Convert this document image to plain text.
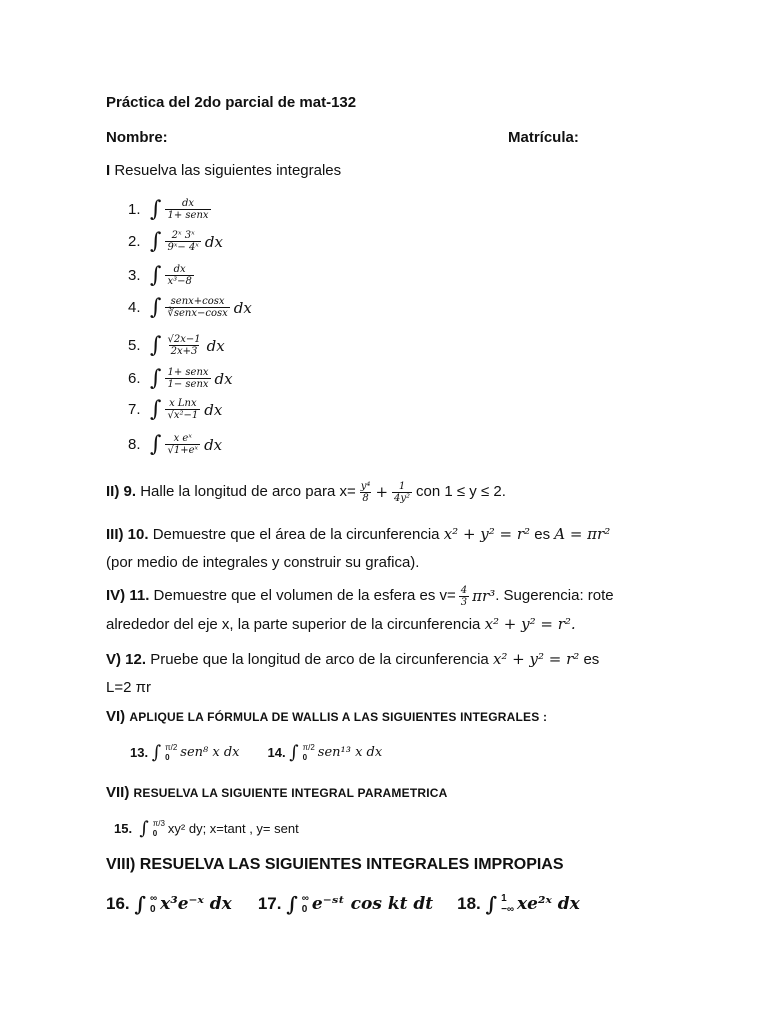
Práctica del 2do parcial de mat-132
Nombre:	Matrícula:
I Resuelva las siguientes integrales
1. ∫ $\frac{dx}{\text{1+ senx}}$
2. ∫ $\frac{\text{2ˣ 3ˣ}}{\text{9ˣ− 4ˣ}}$ dx
3. ∫ $\frac{dx}{\text{x³−8}}$
4. ∫ $\frac{\text{senx+cosx}}{\text{∛senx−cosx}}$ dx
5. ∫ $\frac{√2x-1}{2x+3}$ dx
6. ∫ $\frac{\text{1+ senx}}{\text{1− senx}}$ dx
7. ∫ $\frac{\text{x Lnx}}{\text{√x²−1}}$ dx
8. ∫ $\frac{\text{x eˣ}}{\text{√1+eˣ}}$ dx
II)
9.
Halle la longitud de arco para $x= \frac{\text{y⁴}}{8} + \frac{1}{\text{4y²}}$ con 1 ≤ y ≤ 2.
III) 10. Demuestre que el área de la circunferencia x² + y² = r² es A = πr²
(por medio de integrales y construir su grafica).
IV)
11.
Demuestre que el volumen de la esfera es $v= \frac{4}{3} \pi r^3$ . Sugerencia: rote
alrededor del eje x, la parte superior de la circunferencia x² + y² = r².
V) 12. Pruebe que la longitud de arco de la circunferencia x² + y² = r² es
L=2 πr
VI) APLIQUE LA FÓRMULA DE WALLIS A LAS SIGUIENTES INTEGRALES :
13.
∫ π/2
0 sen⁸ x dx 14.
∫ π/2
0 sen¹³ x dx
VII) RESUELVA LA SIGUIENTE INTEGRAL PARAMETRICA
15.
∫ π/3
0 xy² dy; x=tant , y= sent
VIII) RESUELVA LAS SIGUIENTES INTEGRALES IMPROPIAS
16.
∫ ∞
0 x³e⁻ˣ dx 17.
∫ ∞
0 e⁻ˢᵗ cos kt dt 18.
∫ 1
−∞ xe²ˣ dx
